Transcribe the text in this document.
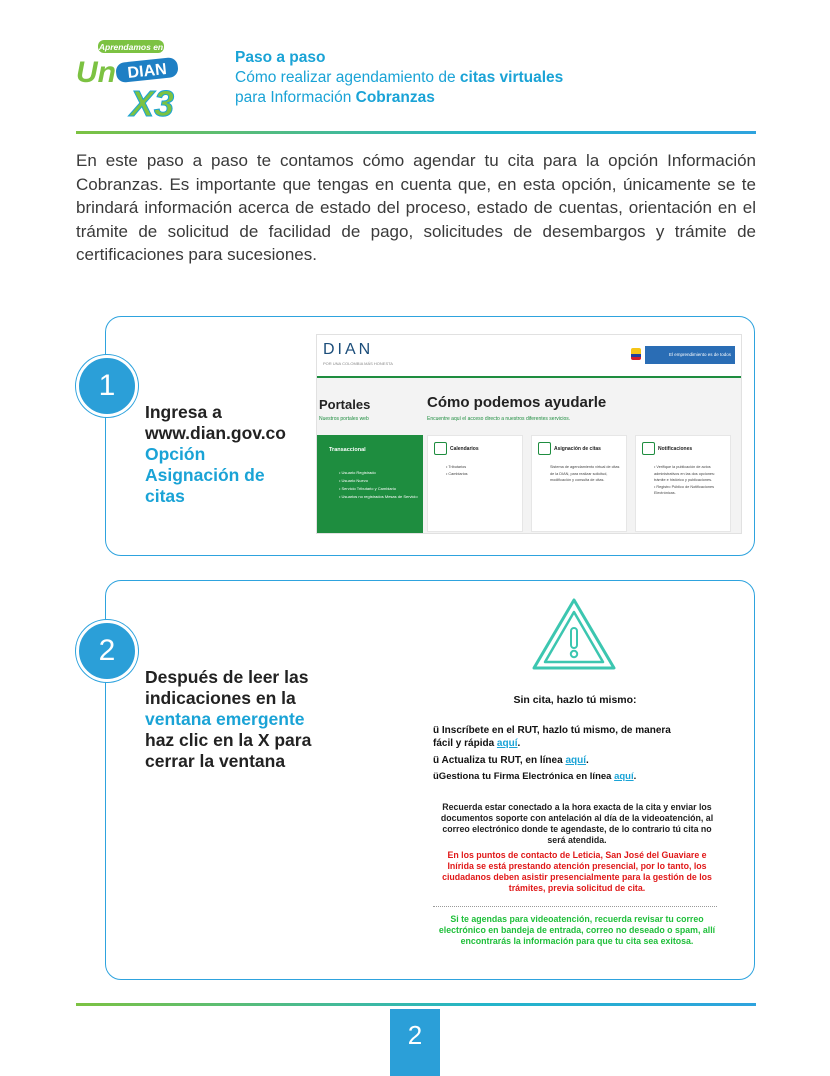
Aprendamos en
Un DIAN
X3
Paso a paso
Cómo realizar agendamiento de citas virtuales
para Información Cobranzas
En este paso a paso te contamos cómo agendar tu cita para la opción Información Cobranzas. Es importante que tengas en cuenta que, en esta opción, únicamente se te brindará información acerca de estado del proceso, estado de cuentas, orientación en el trámite de solicitud de facilidad de pago, solicitudes de desembargos y trámite de certificaciones para sucesiones.
1
Ingresa a
www.dian.gov.co
Opción
Asignación de
citas
DIAN
POR UNA COLOMBIA MÁS HONESTA
El emprendimiento es de todos
Portales
Nuestros portales web
Cómo podemos ayudarle
Encuentre aquí el acceso directo a nuestros diferentes servicios.
Transaccional
• Usuario Registrado
• Usuario Nuevo
• Servicio Tributario y Cambiario
• Usuarios no registrados Mesas de Servicio
Calendarios
• Tributarios
• Cambiarios
Asignación de citas
Sistema de agendamiento virtual de citas de la DIAN, para realizar solicitud, modificación y consulta de citas.
Notificaciones
• Verifique la publicación de actos administrativos en las dos opciones: trámite e histórico y publicaciones.
• Registro Público de Notificaciones Electrónicas.
2
Después de leer las
indicaciones en la
ventana emergente
haz clic en la X para
cerrar la ventana
Sin cita, hazlo tú mismo:
ü Inscríbete en el RUT, hazlo tú mismo, de manera
fácil y rápida aquí.
ü Actualiza tu RUT, en línea aquí.
üGestiona tu Firma Electrónica en línea aquí.
Recuerda estar conectado a la hora exacta de la cita y enviar los documentos soporte con antelación al día de la videoatención, al correo electrónico donde te agendaste, de lo contrario tú cita no será atendida.
En los puntos de contacto de Leticia, San José del Guaviare e Inírida se está prestando atención presencial, por lo tanto, los ciudadanos deben asistir presencialmente para la gestión de los trámites, previa solicitud de cita.
Si te agendas para videoatención, recuerda revisar tu correo electrónico en bandeja de entrada, correo no deseado o spam, allí encontrarás la información para que tu cita sea exitosa.
2
